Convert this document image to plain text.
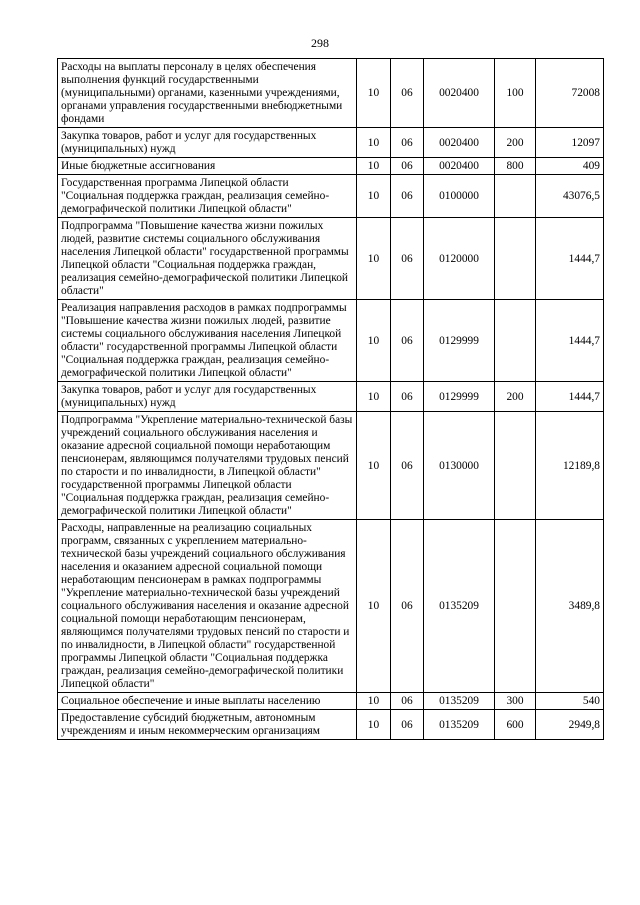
298
Расходы на выплаты персоналу в целях обеспечения выполнения функций государственными (муниципальными) органами, казенными учреждениями, органами управления государственными внебюджетными фондами	10	06	0020400	100	72008
Закупка товаров, работ и услуг для государственных (муниципальных) нужд	10	06	0020400	200	12097
Иные бюджетные ассигнования	10	06	0020400	800	409
Государственная программа Липецкой области "Социальная поддержка граждан, реализация семейно-демографической политики Липецкой области"	10	06	0100000		43076,5
Подпрограмма "Повышение качества жизни пожилых людей, развитие системы социального обслуживания населения Липецкой области" государственной программы Липецкой области "Социальная поддержка граждан, реализация семейно-демографической политики Липецкой области"	10	06	0120000		1444,7
Реализация направления расходов в рамках подпрограммы "Повышение качества жизни пожилых людей, развитие системы социального обслуживания населения Липецкой области" государственной программы Липецкой области "Социальная поддержка граждан, реализация семейно-демографической политики Липецкой области"	10	06	0129999		1444,7
Закупка товаров, работ и услуг для государственных (муниципальных) нужд	10	06	0129999	200	1444,7
Подпрограмма "Укрепление материально-технической базы учреждений социального обслуживания населения и оказание адресной социальной помощи неработающим пенсионерам, являющимся получателями трудовых пенсий по старости и по инвалидности, в Липецкой области" государственной программы Липецкой области "Социальная поддержка граждан, реализация семейно-демографической политики Липецкой области"	10	06	0130000		12189,8
Расходы, направленные на реализацию социальных программ, связанных с укреплением материально-технической базы учреждений социального обслуживания населения и оказанием адресной социальной помощи неработающим пенсионерам в рамках подпрограммы "Укрепление материально-технической базы учреждений социального обслуживания населения и оказание адресной социальной помощи неработающим пенсионерам, являющимся получателями трудовых пенсий по старости и по инвалидности, в Липецкой области" государственной программы Липецкой области "Социальная поддержка граждан, реализация семейно-демографической политики Липецкой области"	10	06	0135209		3489,8
Социальное обеспечение и иные выплаты населению	10	06	0135209	300	540
Предоставление субсидий бюджетным, автономным учреждениям и иным некоммерческим организациям	10	06	0135209	600	2949,8
